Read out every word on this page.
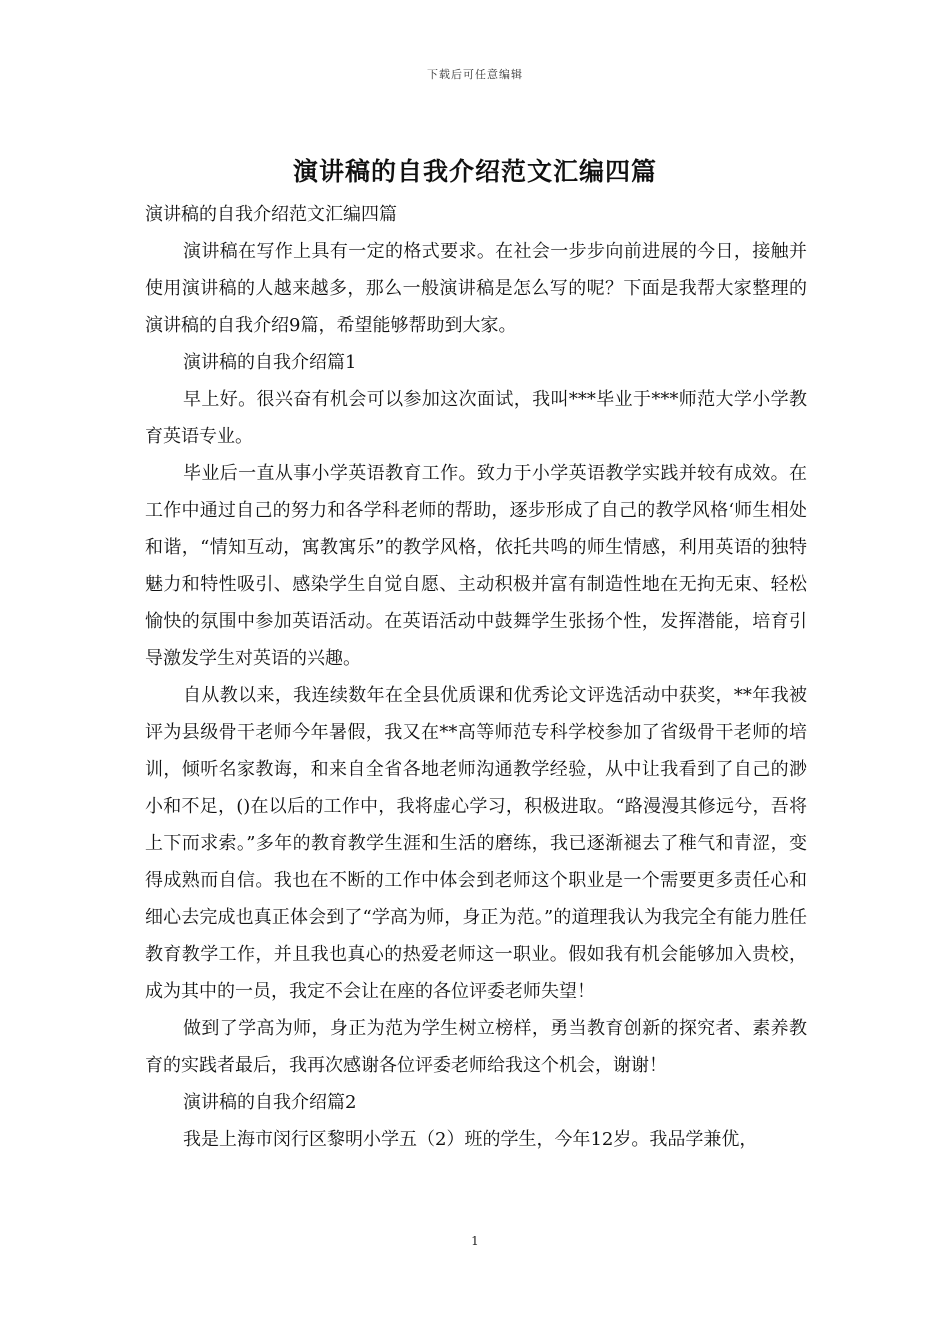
下载后可任意编辑
演讲稿的自我介绍范文汇编四篇

演讲稿的自我介绍范文汇编四篇

演讲稿在写作上具有一定的格式要求。在社会一步步向前进展的今日，接触并使用演讲稿的人越来越多，那么一般演讲稿是怎么写的呢？下面是我帮大家整理的演讲稿的自我介绍9篇，希望能够帮助到大家。

演讲稿的自我介绍篇1

早上好。很兴奋有机会可以参加这次面试，我叫***毕业于***师范大学小学教育英语专业。

毕业后一直从事小学英语教育工作。致力于小学英语教学实践并较有成效。在工作中通过自己的努力和各学科老师的帮助，逐步形成了自己的教学风格‘师生相处和谐，“情知互动，寓教寓乐”的教学风格，依托共鸣的师生情感，利用英语的独特魅力和特性吸引、感染学生自觉自愿、主动积极并富有制造性地在无拘无束、轻松愉快的氛围中参加英语活动。在英语活动中鼓舞学生张扬个性，发挥潜能，培育引导激发学生对英语的兴趣。

自从教以来，我连续数年在全县优质课和优秀论文评选活动中获奖，**年我被评为县级骨干老师今年暑假，我又在**高等师范专科学校参加了省级骨干老师的培训，倾听名家教诲，和来自全省各地老师沟通教学经验，从中让我看到了自己的渺小和不足，()在以后的工作中，我将虚心学习，积极进取。“路漫漫其修远兮，吾将上下而求索。”多年的教育教学生涯和生活的磨练，我已逐渐褪去了稚气和青涩，变得成熟而自信。我也在不断的工作中体会到老师这个职业是一个需要更多责任心和细心去完成也真正体会到了“学高为师，身正为范。”的道理我认为我完全有能力胜任教育教学工作，并且我也真心的热爱老师这一职业。假如我有机会能够加入贵校，成为其中的一员，我定不会让在座的各位评委老师失望！

做到了学高为师，身正为范为学生树立榜样，勇当教育创新的探究者、素养教育的实践者最后，我再次感谢各位评委老师给我这个机会，谢谢！

演讲稿的自我介绍篇2

我是上海市闵行区黎明小学五（2）班的学生，今年12岁。我品学兼优，

1
